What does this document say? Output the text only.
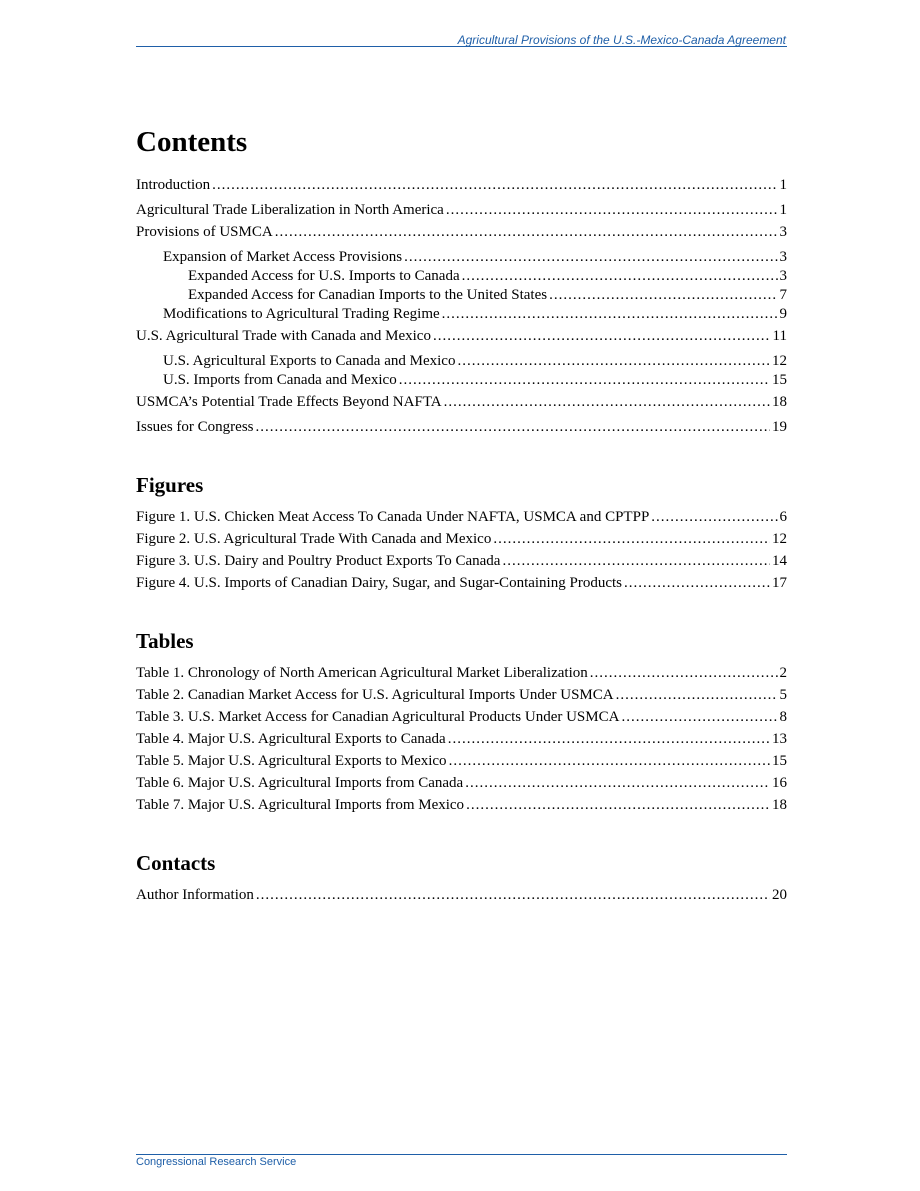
Agricultural Provisions of the U.S.-Mexico-Canada Agreement
Contents
Introduction .....	1
Agricultural Trade Liberalization in North America .....	1
Provisions of USMCA .....	3
Expansion of Market Access Provisions .....	3
Expanded Access for U.S. Imports to Canada .....	3
Expanded Access for Canadian Imports to the United States .....	7
Modifications to Agricultural Trading Regime .....	9
U.S. Agricultural Trade with Canada and Mexico .....	11
U.S. Agricultural Exports to Canada and Mexico .....	12
U.S. Imports from Canada and Mexico .....	15
USMCA’s Potential Trade Effects Beyond NAFTA .....	18
Issues for Congress .....	19
Figures
Figure 1. U.S. Chicken Meat Access To Canada Under NAFTA, USMCA and CPTPP .....	6
Figure 2. U.S. Agricultural Trade With Canada and Mexico .....	12
Figure 3. U.S. Dairy and Poultry Product Exports To Canada .....	14
Figure 4. U.S. Imports of Canadian Dairy, Sugar, and Sugar-Containing Products .....	17
Tables
Table 1. Chronology of North American Agricultural Market Liberalization .....	2
Table 2. Canadian Market Access for U.S. Agricultural Imports Under USMCA .....	5
Table 3. U.S. Market Access for Canadian Agricultural Products Under USMCA .....	8
Table 4. Major U.S. Agricultural Exports to Canada .....	13
Table 5. Major U.S. Agricultural Exports to Mexico .....	15
Table 6. Major U.S. Agricultural Imports from Canada .....	16
Table 7. Major U.S. Agricultural Imports from Mexico .....	18
Contacts
Author Information .....	20
Congressional Research Service
